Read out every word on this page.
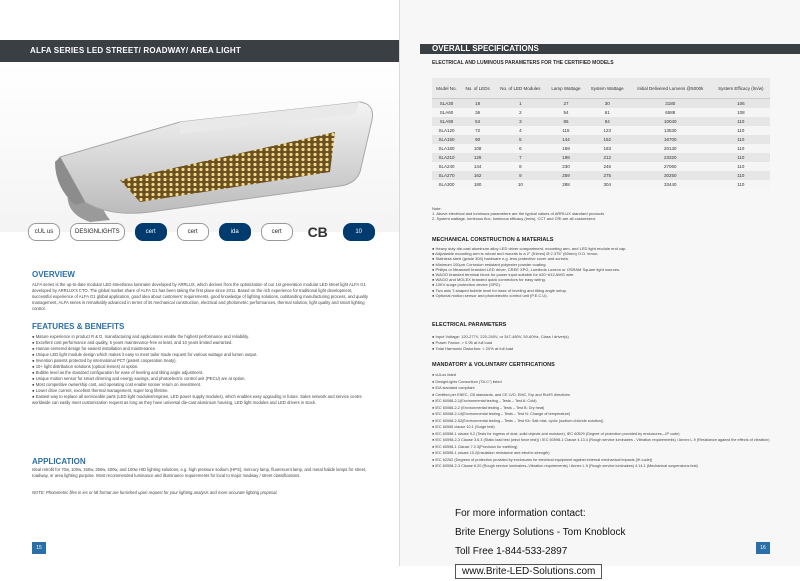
ALFA SERIES LED STREET/ ROADWAY/ AREA LIGHT
cUL us	DESIGNLIGHTS	cert	cert	ida	cert	CB	10
OVERVIEW
ALFA series is the up-to-date modular LED street/area luminaire developed by ARRLUX, which derives from the optimization of our 1st generation modular LED street light ALFA G1 developed by ARRLUX's CTO. The global market share of ALFA G1 has been taking the first place since 2011. Based on the rich experience for traditional light development, successful experience of ALFA G1 global application, good idea about customers' requirements, good knowledge of lighting solutions, outstanding manufacturing process, and quality management, ALFA series is remarkably advanced in terms of its mechanical construction, electrical and photometric performances, thermal solution, light quality and smart lighting control.
FEATURES & BENEFITS
● Mature experience in product R & D, manufacturing and applications enable the highest performance and reliability.
● Excellent cost performance and quality, 5 years maintenance-free at least, and 10 years limited warranted.
● Human-centered design for easiest installation and maintenance.
● Unique LED light module design which makes it easy to meet tailor made request for various wattage and lumen output.
● Invention patents protected by international PCT (patent cooperation treaty).
● 10+ light distribution solutions (optical lenses) at option.
● Bubble level as the standard configuration for ease of leveling and tilting angle adjustment.
● Unique motion sensor for smart dimming and energy savings, and photoelectric control unit (PECU) are at option.
● Most competitive ownership cost, and operating cost enable sooner return on investment.
● Lower drive current, excellent thermal management, super long lifetime.
● Easiest way to replace all serviceable parts (LED light modules/engines, LED power supply modules), which enables easy upgrading in future. Sales network and service centre worldwide can easily meet customization request as long as they have universal die-cast aluminium housing, LED light modules and LED drivers in stock.
APPLICATION
Ideal retrofit for 70w, 100w, 150w, 250w, 400w, and 100w HID lighting solutions, e.g. high pressure sodium (HPS), mercury lamp, fluorescent lamp, and metal halide lamps for street, roadway, or area lighting purpose. Most recommended luminance and illuminance requirements for local to major roadway / street classifications.
NOTE: Photometric files in ies or ldt format are furnished upon request for your lighting analysis and more accurate lighting proposal.
15
OVERALL SPECIFICATIONS
ELECTRICAL AND LUMINOUS PARAMETERS FOR THE CERTIFIED MODELS
Model No.	No. of LEDs	No. of LED Modules	Lamp Wattage	System Wattage	Initial Delivered Lumens @5000k	System Efficacy (lm/w)
SLA30	18	1	27	30	3180	106
SLA60	36	2	54	61	6588	108
SLA90	54	3	86	94	10040	110
SLA120	72	4	115	123	13530	110
SLA150	90	5	144	152	16700	110
SLA180	108	6	169	183	20130	110
SLA210	126	7	198	212	23320	110
SLA240	144	8	230	246	27060	110
SLA270	162	9	259	275	30250	110
SLA300	180	10	288	304	33440	110
Note:
1. Above electrical and luminous parameters are the typical values of ARRLUX standard products
2. System wattage, luminous flux, luminous efficacy (lm/w), CCT and CRI are all customized.
MECHANICAL CONSTRUCTION & MATERIALS
● Heavy duty die-cast aluminum alloy LED driver compartment, mounting arm, and LED light module end cap.
● Adjustable mounting arm is robust and mounts to a 2" (51mm) Ø 2.375" (60mm) O.D. tenon.
● Stainless steel (grade 304) hardware e.g. lens protective cover and screws.
● Minimum 100μm Corrosion resistant polyester powder coating.
● Philips or Meanwell branded LED driver, CREE XPG, Lumileds Luxeon or OSRAM Square light sources.
● WAGO branded terminal block for power input suitable for #20~#12 AWG wire.
● WAGO and MOLEX branded quick connectors for easy wiring.
● 10KV surge protection device (SPD).
● Two axis T-shaped bubble level for ease of leveling and tilting angle setup.
● Optional motion sensor and photoelectric control unit (P.E.C.U).
ELECTRICAL PARAMETERS
● Input Voltage: 120-277V, 220-240V, or 347-480V, 50-60Hz, Class I driver(s)
● Power Factor: > 0.95 at full load
● Total Harmonic Distortion: < 20% at full load
MANDATORY & VOLUNTARY CERTIFICATIONS
● cULus listed
● DesignLights Consortium ("DLC") listed
● IDA standard compliant
● Certified per ENEC, CB standards, and CE LVD, EMC, Erp and RoHS directives
● IEC 60068-2-1(Environmental testing – Tests – Test A: Cold)
● IEC 60068-2-2 (Environmental testing – Tests – Test B: Dry heat)
● IEC 60068-2-14(Environmental testing – Tests – Test N: Change of temperature)
● IEC 60068-2-52(Environmental testing – Tests – Test Kb: Salt mist, cyclic (sodium chloride solution))
● IEC 60065 clause 10.1 (Surge test)
● IEC 60598-1 clause 9.2 (Tests for ingress of dust, solid objects and moisture), IEC 60529 (Degree of protection provided by enclosures—IP code)
● IEC 60598-2-3 Clause 3.6.3 (Static load test (wind force test)) / IEC 60598-1 Clause 4.13.4 (Rough service luminaires - Vibration requirements) / Annex L.9 (Resistance against the effects of vibration)
● IEC 60598-1 Clause 7.2.3(Provision for earthing)
● IEC 60598-1 clause 10.2(Insulation resistance and electric strength)
● IEC 62262 (Degrees of protection provided by enclosures for electrical equipment against external mechanical impacts (IK code))
● IEC 60598-2-3 Clause 6.20 (Rough service luminaires–Vibration requirements) / Annex L.9 (Rough service luminaires) 4.14.1 (Mechanical suspensions test)
For more information contact:
Brite Energy Solutions - Tom Knoblock
Toll Free 1-844-533-2897
www.Brite-LED-Solutions.com
16
